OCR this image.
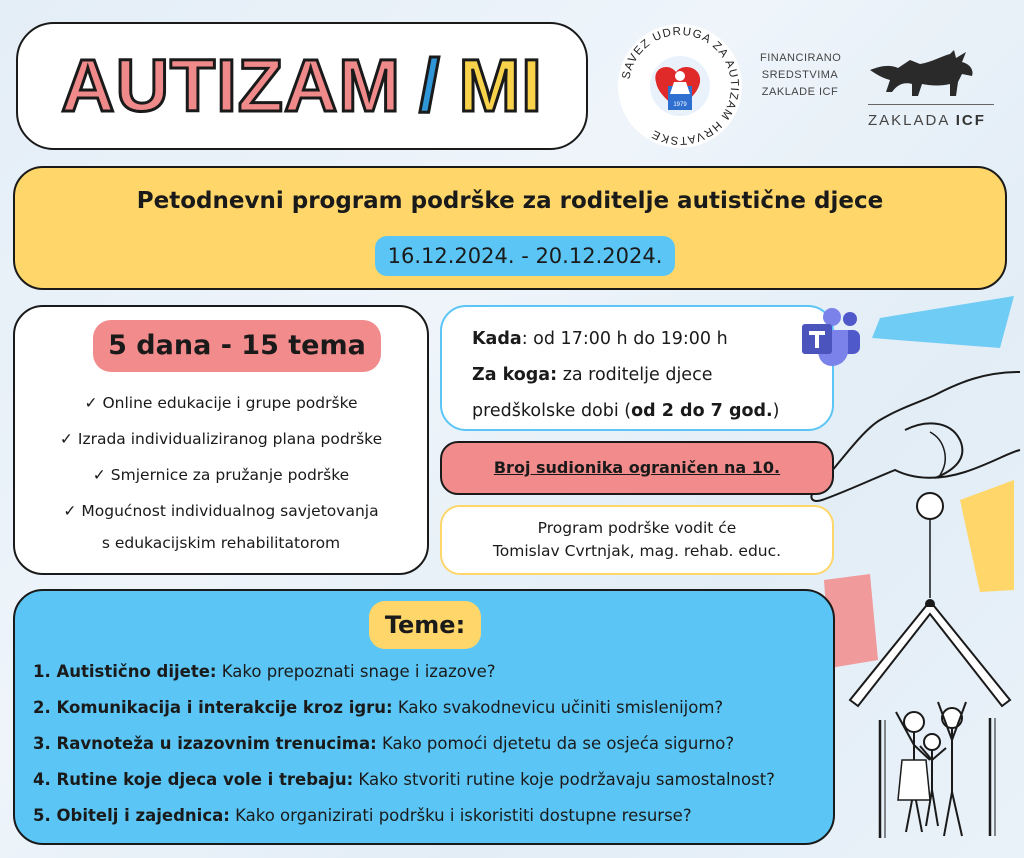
AUTIZAM / MI	SAVEZ UDRUGA ZA AUTIZAM HRVATSKE
1979
FINANCIRANO
SREDSTVIMA
ZAKLADE ICF
ZAKLADA ICF
Petodnevni program podrške za roditelje autistične djece
16.12.2024. - 20.12.2024.
5 dana - 15 tema
✓ Online edukacije i grupe podrške
✓ Izrada individualiziranog plana podrške
✓ Smjernice za pružanje podrške
✓ Mogućnost individualnog savjetovanja
s edukacijskim rehabilitatorom
Kada: od 17:00 h do 19:00 h
Za koga: za roditelje djece
predškolske dobi (od 2 do 7 god.)
Broj sudionika ograničen na 10.
Program podrške vodit će
Tomislav Cvrtnjak, mag. rehab. educ.
Teme:
1. Autistično dijete: Kako prepoznati snage i izazove?
2. Komunikacija i interakcije kroz igru: Kako svakodnevicu učiniti smislenijom?
3. Ravnoteža u izazovnim trenucima: Kako pomoći djetetu da se osjeća sigurno?
4. Rutine koje djeca vole i trebaju: Kako stvoriti rutine koje podržavaju samostalnost?
5. Obitelj i zajednica: Kako organizirati podršku i iskoristiti dostupne resurse?
